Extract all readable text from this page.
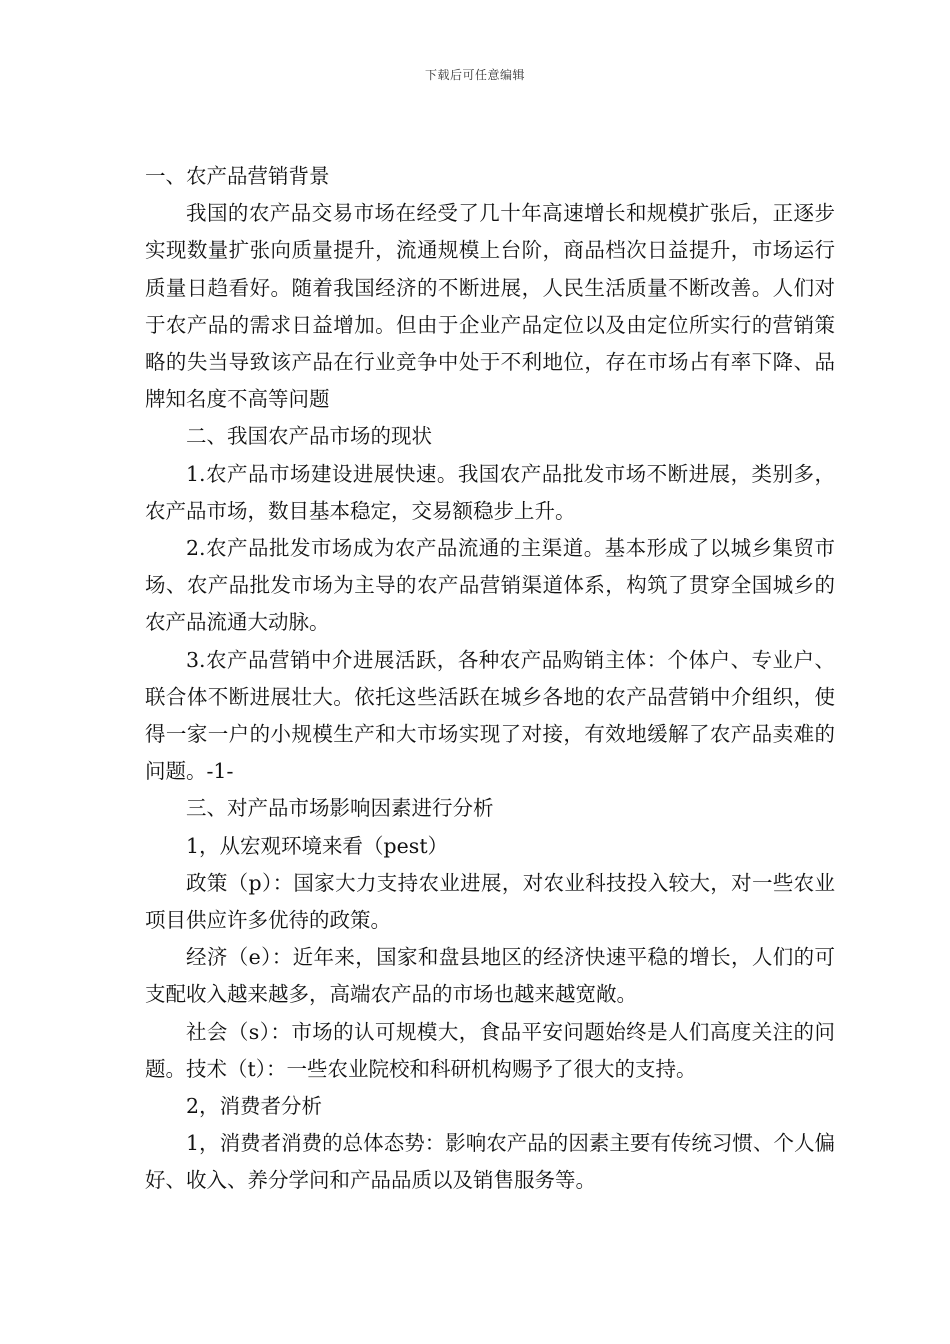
下载后可任意编辑

一、农产品营销背景

我国的农产品交易市场在经受了几十年高速增长和规模扩张后，正逐步实现数量扩张向质量提升，流通规模上台阶，商品档次日益提升，市场运行质量日趋看好。随着我国经济的不断进展，人民生活质量不断改善。人们对于农产品的需求日益增加。但由于企业产品定位以及由定位所实行的营销策略的失当导致该产品在行业竞争中处于不利地位，存在市场占有率下降、品牌知名度不高等问题

二、我国农产品市场的现状

1.农产品市场建设进展快速。我国农产品批发市场不断进展，类别多，农产品市场，数目基本稳定，交易额稳步上升。

2.农产品批发市场成为农产品流通的主渠道。基本形成了以城乡集贸市场、农产品批发市场为主导的农产品营销渠道体系，构筑了贯穿全国城乡的农产品流通大动脉。

3.农产品营销中介进展活跃，各种农产品购销主体：个体户、专业户、联合体不断进展壮大。依托这些活跃在城乡各地的农产品营销中介组织，使得一家一户的小规模生产和大市场实现了对接，有效地缓解了农产品卖难的问题。-1-

三、对产品市场影响因素进行分析

1，从宏观环境来看（pest）

政策（p）：国家大力支持农业进展，对农业科技投入较大，对一些农业项目供应许多优待的政策。

经济（e）：近年来，国家和盘县地区的经济快速平稳的增长，人们的可支配收入越来越多，高端农产品的市场也越来越宽敞。

社会（s）：市场的认可规模大，食品平安问题始终是人们高度关注的问题。技术（t）：一些农业院校和科研机构赐予了很大的支持。

2，消费者分析

1，消费者消费的总体态势：影响农产品的因素主要有传统习惯、个人偏好、收入、养分学问和产品品质以及销售服务等。
